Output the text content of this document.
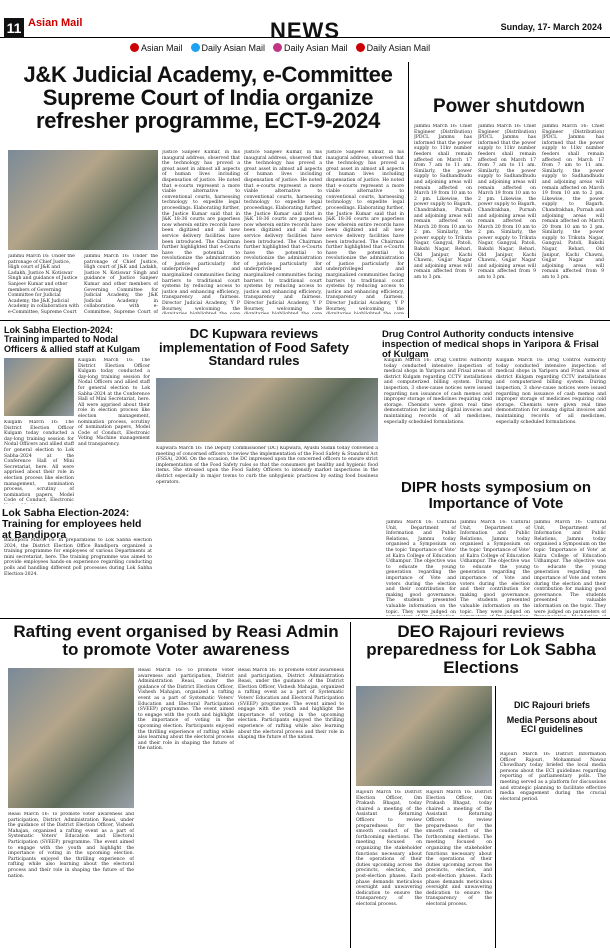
11 Asian Mail	NEWS	Sunday, 17- March 2024
Asian Mail	Daily Asian Mail	Daily Asian Mail	Daily Asian Mail
J&K Judicial Academy, e-Committee Supreme Court of India organize refresher programme, ECT-9-2024
Jammu March 16: Under the patronage of Chief Justice, High court of J&K and Ladakh, Justice N. Kotiswar Singh and guidance of Justice Sanjeev Kumar and other members of Governing Committee for Judicial Academy, the J&K Judicial Academy in collaboration with e-Committee, Supreme Court
Jammu March 16: Under the patronage of Chief Justice, High court of J&K and Ladakh, Justice N. Kotiswar Singh and guidance of Justice Sanjeev Kumar and other members of Governing Committee for Judicial Academy, the J&K Judicial Academy in collaboration with e-Committee, Supreme Court of
Justice Sanjeev Kumar, in his inaugural address, observed that the technology has proved a great asset in almost all aspects of human lives including dispensation of justice. He noted that e-courts represent a more viable alternative to conventional courts, harnessing technology to expedite legal proceedings. Elaborating further, the Justice Kumar said that in J&K 18-36 courts are paperless now wherein entire records have been digitized and all new service delivery facilities have been introduced. The Chairman further highlighted that e-Courts have the potential to revolutionize the administration of justice particularly for underprivileged and marginalized communities facing barriers to traditional court systems by reducing access to justice and enhancing efficiency, transparency and fairness. Director Judicial Academy, Y P Bourney, welcoming the
Justice Sanjeev Kumar, in his inaugural address, observed that the technology has proved a great asset in almost all aspects of human lives including dispensation of justice. He noted that e-courts represent a more viable alternative to conventional courts, harnessing technology to expedite legal proceedings. Elaborating further, the Justice Kumar said that in J&K 18-36 courts are paperless now wherein entire records have been digitized and all new service delivery facilities have been introduced. The Chairman further highlighted that e-Courts have the potential to revolutionize the administration of justice particularly for underprivileged and marginalized communities facing barriers to traditional court systems by reducing access to justice and enhancing efficiency, transparency and fairness. Director Judicial Academy, Y P Bourney, welcoming the
Justice Sanjeev Kumar, in his inaugural address, observed that the technology has proved a great asset in almost all aspects of human lives including dispensation of justice. He noted that e-courts represent a more viable alternative to conventional courts, harnessing technology to expedite legal proceedings. Elaborating further, the Justice Kumar said that in J&K 18-36 courts are paperless now wherein entire records have been digitized and all new service delivery facilities have been introduced. The Chairman further highlighted that e-Courts have the potential to revolutionize the administration of justice particularly for underprivileged and marginalized communities facing barriers to traditional court systems by reducing access to justice and enhancing efficiency, transparency and fairness. Director Judicial Academy, Y P Bourney, welcoming the
Power shutdown
Jammu March 16: Chief Engineer (Distribution) JPDCL Jammu has informed that the power supply to 11kv number feeders shall remain affected on March 17 from 7 am to 11 am. Similarly, the power supply to Sadhandhudu and adjoining areas will remain affected on March 19 from 10 am to 2 pm. Likewise, the power supply to Bagarh, Chandrakhan, Purnah and adjoining areas will remain affected on March 20 from 10 am to 2 pm. Similarly, the power supply to Trikuta Nagar, Gangyal, Patoli, Bakshi Nagar, Rehari, Old Janipur, Kachi Chawni, Gujjar Nagar and adjoining areas will remain affected from 9 am to 3 pm.
Jammu March 16: Chief Engineer (Distribution) JPDCL Jammu has informed that the power supply to 11kv number feeders shall remain affected on March 17 from 7 am to 11 am. Similarly, the power supply to Sadhandhudu and adjoining areas will remain affected on March 19 from 10 am to 2 pm. Likewise, the power supply to Bagarh, Chandrakhan, Purnah and adjoining areas will remain affected on March 20 from 10 am to 2 pm. Similarly, the power supply to Trikuta Nagar, Gangyal, Patoli, Bakshi Nagar, Rehari, Old Janipur, Kachi Chawni, Gujjar Nagar and adjoining areas will remain affected from 9 am to 3 pm.
Jammu March 16: Chief Engineer (Distribution) JPDCL Jammu has informed that the power supply to 11kv number feeders shall remain affected on March 17 from 7 am to 11 am. Similarly, the power supply to Sadhandhudu and adjoining areas will remain affected on March 19 from 10 am to 2 pm. Likewise, the power supply to Bagarh, Chandrakhan, Purnah and adjoining areas will remain affected on March 20 from 10 am to 2 pm. Similarly, the power supply to Trikuta Nagar, Gangyal, Patoli, Bakshi Nagar, Rehari, Old Janipur, Kachi Chawni, Gujjar Nagar and adjoining areas will remain affected from 9 am to 3 pm.
Lok Sabha Election-2024: Training imparted to Nodal Officers & allied staff at Kulgam
Kulgam March 16: The District Election Officer Kulgam today conducted a day-long training session for Nodal Officers and allied staff for general election to Lok Sabha-2024 at the Conference Hall of Mini Secretariat, here. All were apprised about their role in election process like election management, nomination process, scrutiny of nomination papers, Model Code of Conduct, Electronic
Kulgam March 16: The District Election Officer Kulgam today conducted a day-long training session for Nodal Officers and allied staff for general election to Lok Sabha-2024 at the Conference Hall of Mini Secretariat, here. All were apprised about their role in election process like election management, nomination process, scrutiny of nomination papers, Model Code of Conduct, Electronic Voting Machine management and transparency.
DC Kupwara reviews implementation of Food Safety Standard rules
Kupwara March 16: The Deputy Commissioner (DC) Kupwara, Ayushi Sudan today convened a meeting of concerned officers to review the implementation of the Food Safety & Standard Act (FSSA), 2006. On the occasion, the DC impressed upon the concerned officers to ensure strict implementation of the Food Safety rules so that the consumers get healthy and hygienic food items. She stressed upon the Food Safety Officers to intensify market inspections in the district especially in major towns to curb the unhygienic practices by eating food business operators.
Drug Control Authority conducts intensive inspection of medical shops in Yaripora & Frisal of Kulgam
Kulgam March 16: Drug Control Authority today conducted intensive inspection of medical shops in Yaripora and Frisal areas of district Kulgam regarding CCTV installations and computerized billing system. During inspection, 3 show-cause notices were issued regarding non issuance of cash memos and improper storage of medicines requiring cold storage. Chemists were given real time demonstration for issuing digital invoices and maintaining records of all medicines, especially scheduled formulations.
Kulgam March 16: Drug Control Authority today conducted intensive inspection of medical shops in Yaripora and Frisal areas of district Kulgam regarding CCTV installations and computerized billing system. During inspection, 3 show-cause notices were issued regarding non issuance of cash memos and improper storage of medicines requiring cold storage. Chemists were given real time demonstration for issuing digital invoices and maintaining records of all medicines, especially scheduled formulations.
Lok Sabha Election-2024: Training for employees held at Bandipora
Bandipora March 16: In preparations to Lok Sabha election 2024, the District Election Office Bandipora organized a training programme for employees of various Departments at mini secretariat, here. The training programme was aimed to provide employees hands-on experience regarding conducting polls and handling different poll processes during Lok Sabha Election-2024.
DIPR hosts symposium on Importance of Vote
Jammu March 16: Cultural Unit, Department of Information and Public Relations, Jammu today organised a Symposium on the topic 'Importance of Vote' at Kalra College of Education Udhampur. The objective was to educate the young generation regarding the importance of Vote and voters during the election and their contribution for making good governance. The students presented valuable information on the topic. They were judged on
Jammu March 16: Cultural Unit, Department of Information and Public Relations, Jammu today organised a Symposium on the topic 'Importance of Vote' at Kalra College of Education Udhampur. The objective was to educate the young generation regarding the importance of Vote and voters during the election and their contribution for making good governance. The students presented valuable information on the topic. They were judged on
Jammu March 16: Cultural Unit, Department of Information and Public Relations, Jammu today organised a Symposium on the topic 'Importance of Vote' at Kalra College of Education Udhampur. The objective was to educate the young generation regarding the importance of Vote and voters during the election and their contribution for making good governance. The students presented valuable information on the topic. They were judged on parameters of
Rafting event organised by Reasi Admin to promote Voter awareness
Reasi March 16: To promote voter awareness and participation, District Administration Reasi, under the guidance of the District Election Officer, Vishesh Mahajan, organized a rafting event as a part of Systematic Voters' Education and Electoral Participation (SVEEP) programme. The event aimed to engage with the youth and highlight the importance of voting in the upcoming election. Participants enjoyed the thrilling experience of rafting while also learning about the electoral process and their role in shaping the future of the nation.
Reasi March 16: To promote voter awareness and participation, District Administration Reasi, under the guidance of the District Election Officer, Vishesh Mahajan, organized a rafting event as a part of Systematic Voters' Education and Electoral Participation (SVEEP) programme. The event aimed to engage with the youth and highlight the importance of voting in the upcoming election. Participants enjoyed the thrilling experience of rafting while also learning about the electoral process and their role in shaping the future of the nation.
Reasi March 16: To promote voter awareness and participation, District Administration Reasi, under the guidance of the District Election Officer, Vishesh Mahajan, organized a rafting event as a part of Systematic Voters' Education and Electoral Participation (SVEEP) programme. The event aimed to engage with the youth and highlight the importance of voting in the upcoming election. Participants enjoyed the thrilling experience of rafting while also learning about the electoral process and their role in shaping the future of the nation.
DEO Rajouri reviews preparedness for Lok Sabha Elections
Rajouri March 16: District Election Officer, Om Prakash Bhagat, today chaired a meeting of the Assistant Returning Officers to review preparedness for the smooth conduct of the forthcoming elections. The meeting focused on organizing the stakeholder functions necessary about the operations of their duties upcoming across the precincts, election, and post-election phases. Each phase demands meticulous oversight and unwavering dedication to ensure the transparency of the electoral process.
Rajouri March 16: District Election Officer, Om Prakash Bhagat, today chaired a meeting of the Assistant Returning Officers to review preparedness for the smooth conduct of the forthcoming elections. The meeting focused on organizing the stakeholder functions necessary about the operations of their duties upcoming across the precincts, election, and post-election phases. Each phase demands meticulous oversight and unwavering dedication to ensure the transparency of the electoral process.
DIC Rajouri briefs
Media Persons about ECI guidelines
Rajouri March 16: District Information Officer Rajouri, Mohammad Nawaz Chowdhary today briefed the local media persons about the ECI guidelines regarding reporting of parliamentary polls. The meeting served as a platform for discussions and strategic planning to facilitate effective media engagement during the crucial electoral period.
